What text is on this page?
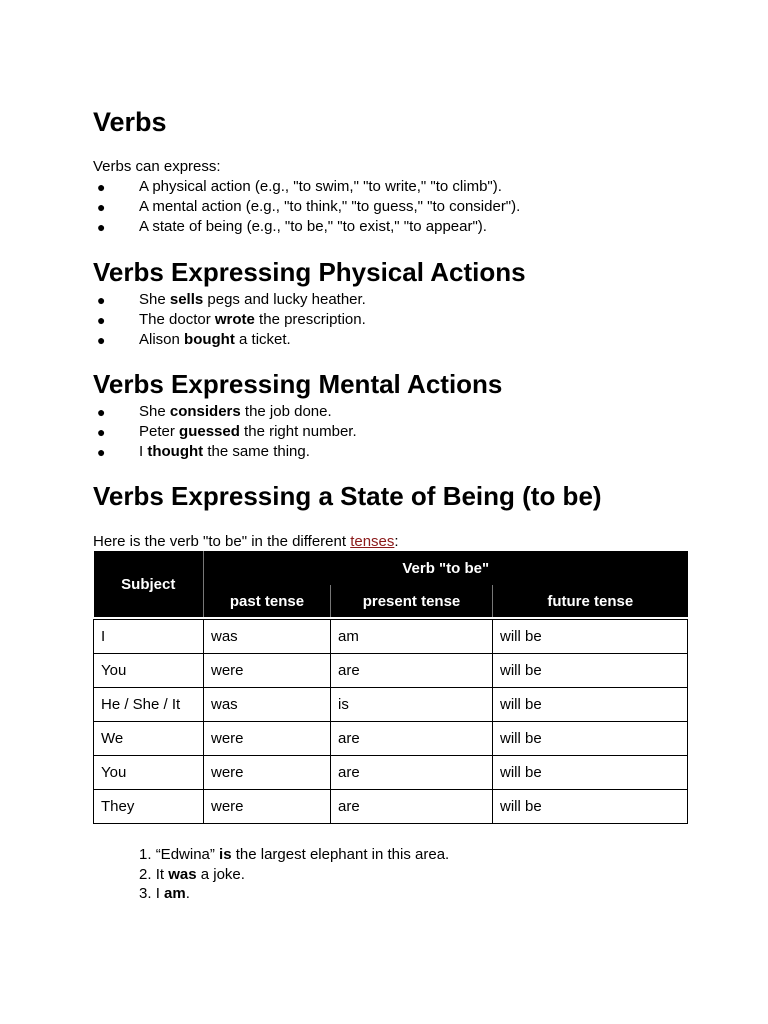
Verbs
Verbs can express:
● A physical action (e.g., "to swim," "to write," "to climb").
● A mental action (e.g., "to think," "to guess," "to consider").
● A state of being (e.g., "to be," "to exist," "to appear").
Verbs Expressing Physical Actions
● She sells pegs and lucky heather.
● The doctor wrote the prescription.
● Alison bought a ticket.
Verbs Expressing Mental Actions
● She considers the job done.
● Peter guessed the right number.
● I thought the same thing.
Verbs Expressing a State of Being (to be)
Here is the verb "to be" in the different tenses:
Subject	Verb "to be"		
	past tense	present tense	future tense

I	was	am	will be
You	were	are	will be
He / She / It	was	is	will be
We	were	are	will be
You	were	are	will be
They	were	are	will be
1. “Edwina” is the largest elephant in this area.
2. It was a joke.
3. I am.
